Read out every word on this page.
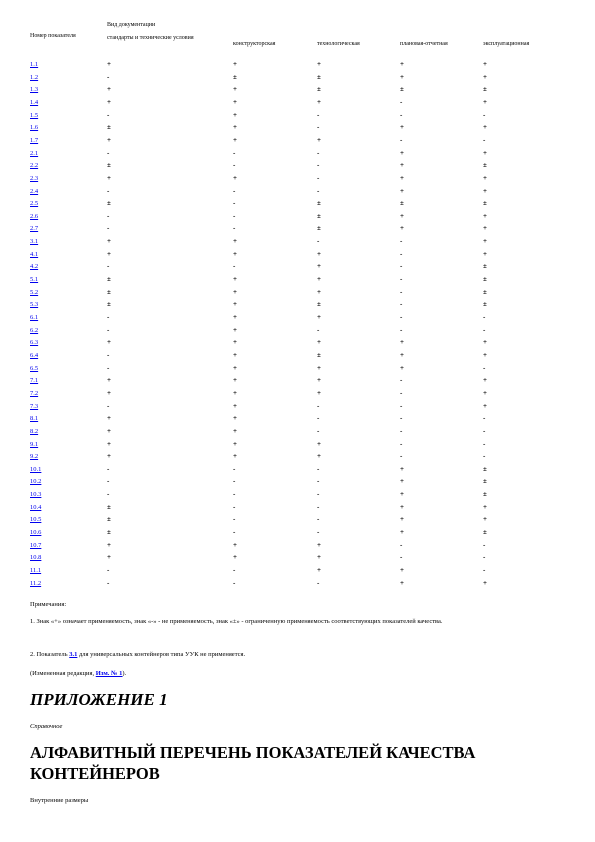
Номер показателя
Вид документации
стандарты и технические условия
конструкторская	технологическая	плановая-отчетная	эксплуатационная
1.1	+	+	+	+	+
1.2	-	±	±	+	+
1.3	+	+	±	±	±
1.4	+	+	+	-	+
1.5	-	+	-	-	-
1.6	±	+	-	+	+
1.7	+	+	+	-	-
2.1	-	-	-	+	+
2.2	±	-	-	+	±
2.3	+	+	-	+	+
2.4	-	-	-	+	+
2.5	±	-	±	±	±
2.6	-	-	±	+	+
2.7	-	-	±	+	+
3.1	+	+	-	-	+
4.1	+	+	+	-	+
4.2	-	-	+	-	±
5.1	±	+	+	-	±
5.2	±	+	+	-	±
5.3	±	+	±	-	±
6.1	-	+	+	-	-
6.2	-	+	-	-	-
6.3	+	+	+	+	+
6.4	-	+	±	+	+
6.5	-	+	+	+	-
7.1	+	+	+	-	+
7.2	+	+	+	-	+
7.3	-	+	-	-	+
8.1	+	+	-	-	-
8.2	+	+	-	-	-
9.1	+	+	+	-	-
9.2	+	+	+	-	-
10.1	-	-	-	+	±
10.2	-	-	-	+	±
10.3	-	-	-	+	±
10.4	±	-	-	+	+
10.5	±	-	-	+	+
10.6	±	-	-	+	±
10.7	+	+	+	-	-
10.8	+	+	+	-	-
11.1	-	-	+	+	-
11.2	-	-	-	+	+
Примечания:
1. Знак «+» означает применяемость, знак «-» - не применяемость, знак «±» - ограниченную применяемость соответствующих показателей качества.
2. Показатель 3.1 для универсальных контейнеров типа УУК не применяется.
(Измененная редакция, Изм. № 1).
ПРИЛОЖЕНИЕ 1
Справочное
АЛФАВИТНЫЙ ПЕРЕЧЕНЬ ПОКАЗАТЕЛЕЙ КАЧЕСТВА КОНТЕЙНЕРОВ
Внутренние размеры
